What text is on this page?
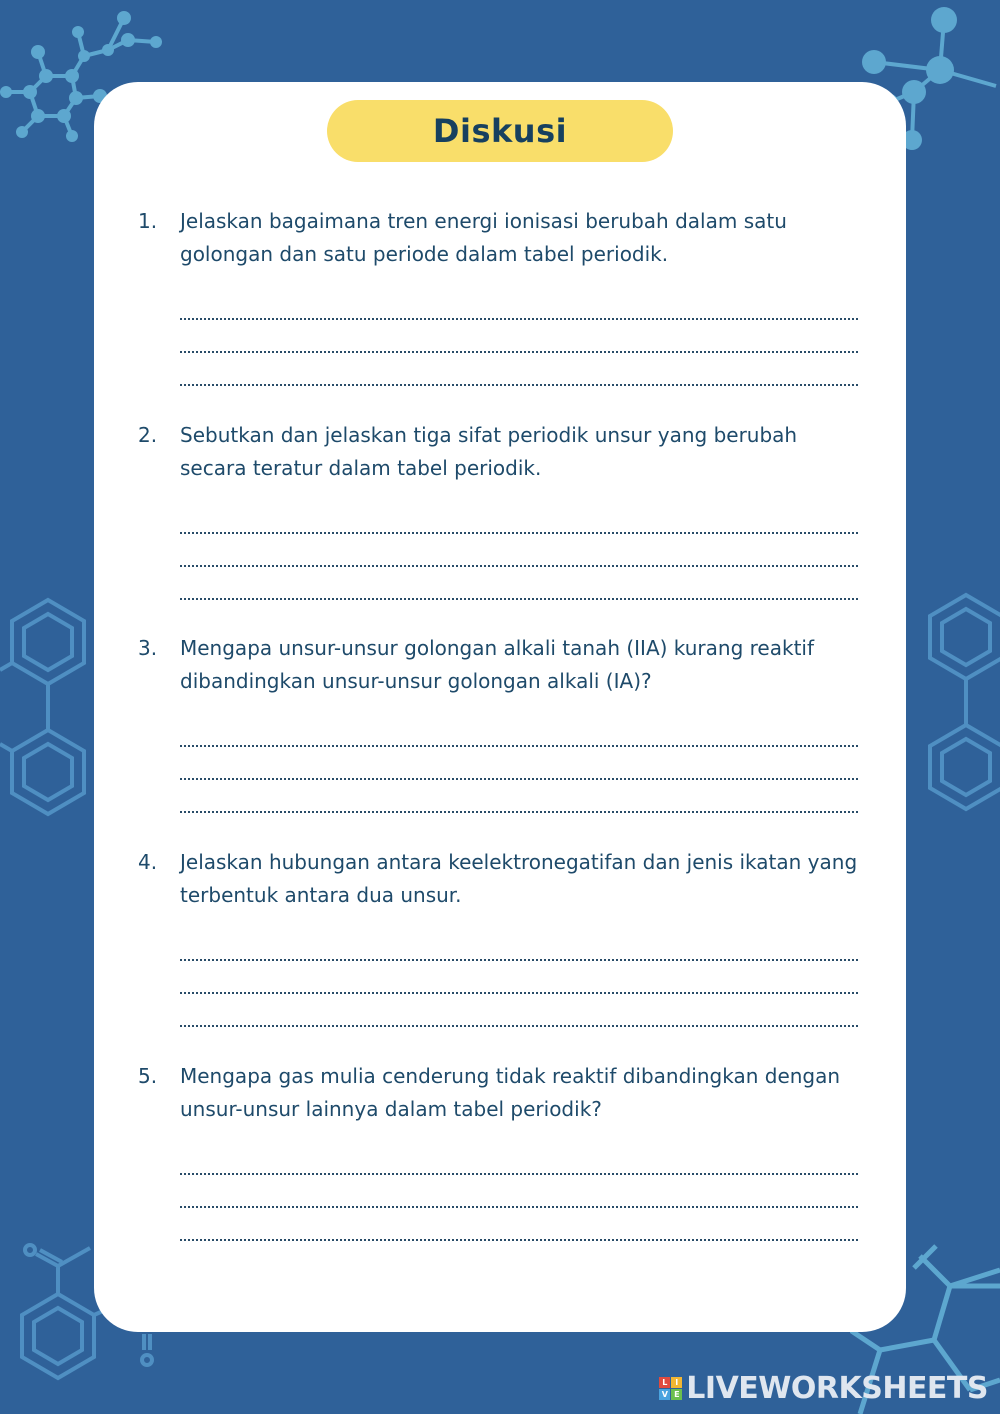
Diskusi
1.	Jelaskan bagaimana tren energi ionisasi berubah dalam satu golongan dan satu periode dalam tabel periodik.
2.	Sebutkan dan jelaskan tiga sifat periodik unsur yang berubah secara teratur dalam tabel periodik.
3.	Mengapa unsur-unsur golongan alkali tanah (IIA) kurang reaktif dibandingkan unsur-unsur golongan alkali (IA)?
4.	Jelaskan hubungan antara keelektronegatifan dan jenis ikatan yang terbentuk antara dua unsur.
5.	Mengapa gas mulia cenderung tidak reaktif dibandingkan dengan unsur-unsur lainnya dalam tabel periodik?
L I
V E LIVEWORKSHEETS
